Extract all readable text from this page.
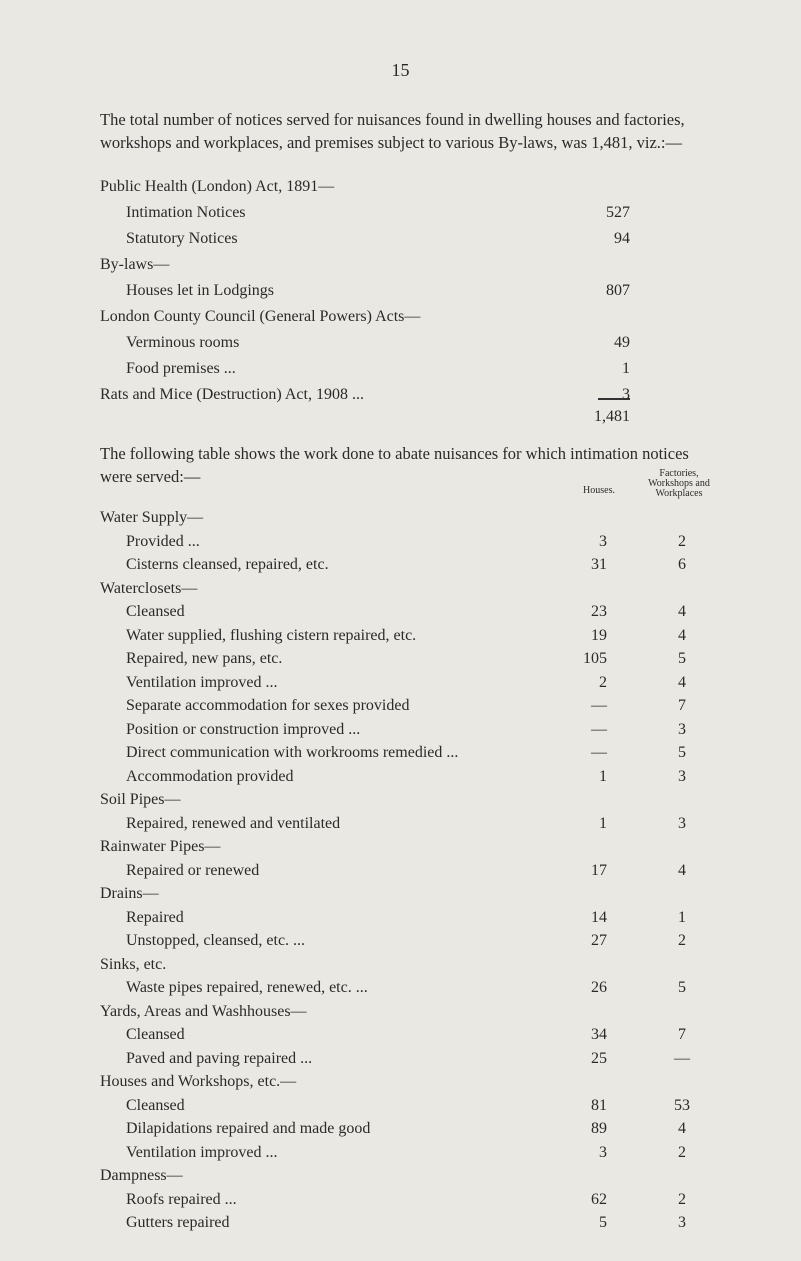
15
The total number of notices served for nuisances found in dwelling houses and factories, workshops and workplaces, and premises subject to various By-laws, was 1,481, viz.:—
Public Health (London) Act, 1891—
Intimation Notices	527
Statutory Notices	94
By-laws—
Houses let in Lodgings	807
London County Council (General Powers) Acts—
Verminous rooms	49
Food premises ...	1
Rats and Mice (Destruction) Act, 1908 ...	3
1,481
The following table shows the work done to abate nuisances for which intimation notices were served:—
Houses.
Factories, Workshops and Workplaces
Water Supply—
Provided ...	3	2
Cisterns cleansed, repaired, etc.	31	6
Waterclosets—
Cleansed	23	4
Water supplied, flushing cistern repaired, etc.	19	4
Repaired, new pans, etc.	105	5
Ventilation improved ...	2	4
Separate accommodation for sexes provided	—	7
Position or construction improved ...	—	3
Direct communication with workrooms remedied ...	—	5
Accommodation provided	1	3
Soil Pipes—
Repaired, renewed and ventilated	1	3
Rainwater Pipes—
Repaired or renewed	17	4
Drains—
Repaired	14	1
Unstopped, cleansed, etc. ...	27	2
Sinks, etc.
Waste pipes repaired, renewed, etc. ...	26	5
Yards, Areas and Washhouses—
Cleansed	34	7
Paved and paving repaired ...	25	—
Houses and Workshops, etc.—
Cleansed	81	53
Dilapidations repaired and made good	89	4
Ventilation improved ...	3	2
Dampness—
Roofs repaired ...	62	2
Gutters repaired	5	3
